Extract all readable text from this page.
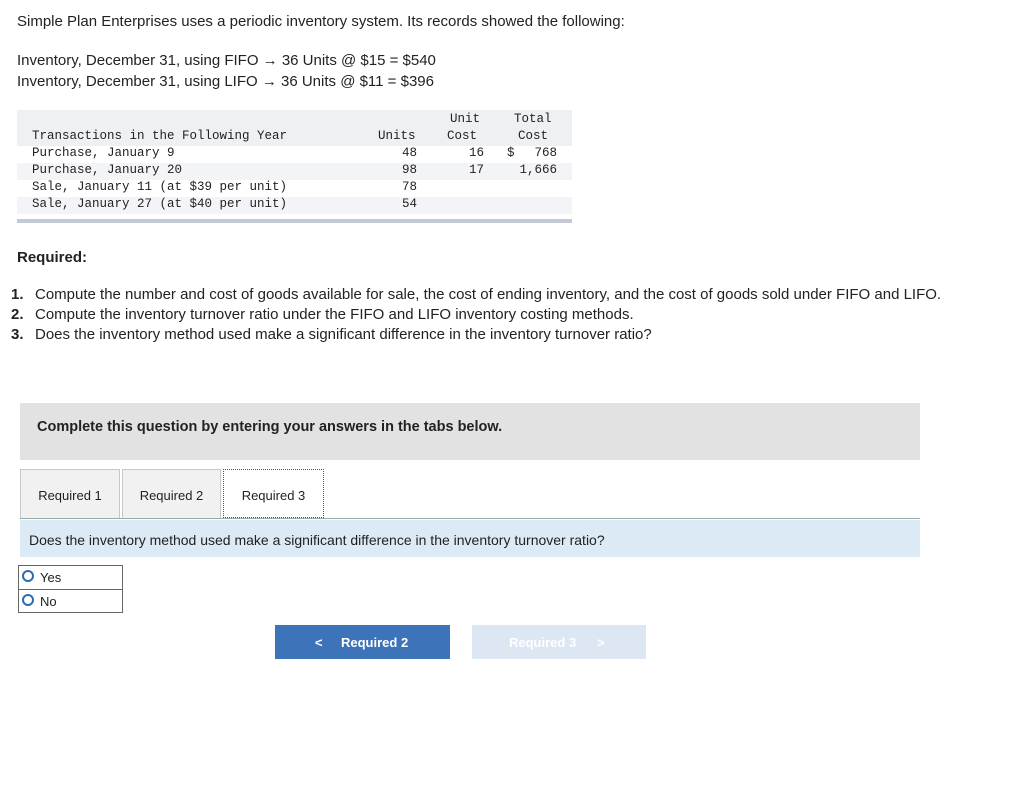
Simple Plan Enterprises uses a periodic inventory system. Its records showed the following:
Inventory, December 31, using FIFO → 36 Units @ $15 = $540
Inventory, December 31, using LIFO → 36 Units @ $11 = $396
Unit	Total
Transactions in the Following Year	Units	Cost	Cost
Purchase, January 9	48	16 $	768
Purchase, January 20	98	17	1,666
Sale, January 11 (at $39 per unit)	78
Sale, January 27 (at $40 per unit)	54
Required:
1. Compute the number and cost of goods available for sale, the cost of ending inventory, and the cost of goods sold under FIFO and LIFO.
2. Compute the inventory turnover ratio under the FIFO and LIFO inventory costing methods.
3. Does the inventory method used make a significant difference in the inventory turnover ratio?
Complete this question by entering your answers in the tabs below.
Required 1	Required 2	Required 3
Does the inventory method used make a significant difference in the inventory turnover ratio?
Yes
No
< Required 2	Required 3 >
